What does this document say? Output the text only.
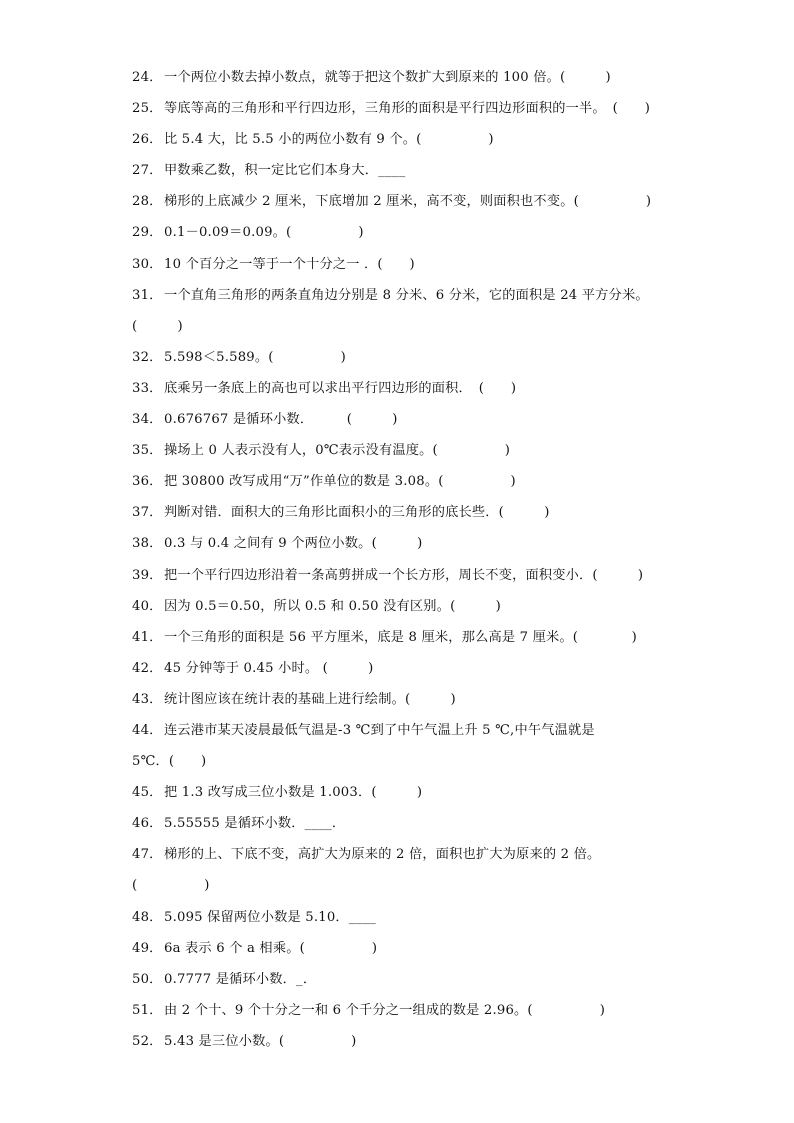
24． 一个两位小数去掉小数点，就等于把这个数扩大到原来的 100 倍。(　　　)
25． 等底等高的三角形和平行四边形，三角形的面积是平行四边形面积的一半。　(　　)
26． 比 5.4 大，比 5.5 小的两位小数有 9 个。(　　　　　)
27． 甲数乘乙数，积一定比它们本身大．____
28． 梯形的上底减少 2 厘米，下底增加 2 厘米，高不变，则面积也不变。(　　　　　)
29． 0.1－0.09＝0.09。(　　　　　)
30． 10 个百分之一等于一个十分之一 ．(　　)
31． 一个直角三角形的两条直角边分别是 8 分米、6 分米，它的面积是 24 平方分米。
(　　　)
32． 5.598＜5.589。(　　　　　)
33． 底乘另一条底上的高也可以求出平行四边形的面积．　(　　)
34． 0.676767 是循环小数．　　　(　　　)
35． 操场上 0 人表示没有人，0℃表示没有温度。(　　　　　)
36． 把 30800 改写成用“万”作单位的数是 3.08。(　　　　　)
37． 判断对错．面积大的三角形比面积小的三角形的底长些．(　　　)
38． 0.3 与 0.4 之间有 9 个两位小数。(　　　)
39． 把一个平行四边形沿着一条高剪拼成一个长方形，周长不变，面积变小．(　　　)
40． 因为 0.5＝0.50，所以 0.5 和 0.50 没有区别。(　　　)
41． 一个三角形的面积是 56 平方厘米，底是 8 厘米，那么高是 7 厘米。(　　　　)
42． 45 分钟等于 0.45 小时。 (　　　)
43． 统计图应该在统计表的基础上进行绘制。(　　　)
44． 连云港市某天凌晨最低气温是-3 ℃到了中午气温上升 5 ℃,中午气温就是
5℃．(　　)
45． 把 1.3 改写成三位小数是 1.003．(　　　)
46． 5.55555 是循环小数．____．
47． 梯形的上、下底不变，高扩大为原来的 2 倍，面积也扩大为原来的 2 倍。
(　　　　　)
48． 5.095 保留两位小数是 5.10．____
49． 6a 表示 6 个 a 相乘。(　　　　　)
50． 0.7777 是循环小数．_．
51． 由 2 个十、9 个十分之一和 6 个千分之一组成的数是 2.96。(　　　　　)
52． 5.43 是三位小数。(　　　　　)
